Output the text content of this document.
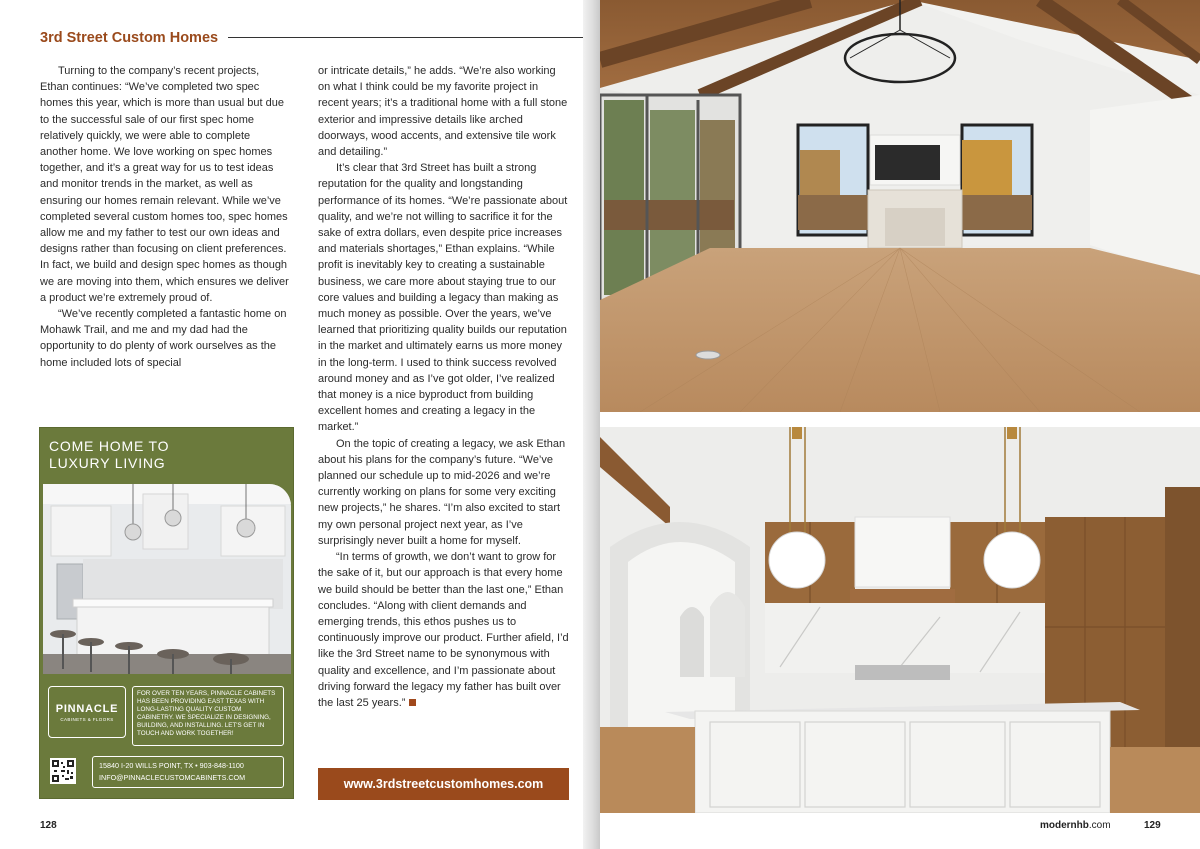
3rd Street Custom Homes

Turning to the company’s recent projects, Ethan continues: “We’ve completed two spec homes this year, which is more than usual but due to the successful sale of our first spec home relatively quickly, we were able to complete another home. We love working on spec homes together, and it’s a great way for us to test ideas and monitor trends in the market, as well as ensuring our homes remain relevant. While we’ve completed several custom homes too, spec homes allow me and my father to test our own ideas and designs rather than focusing on client preferences. In fact, we build and design spec homes as though we are moving into them, which ensures we deliver a product we’re extremely proud of.

“We’ve recently completed a fantastic home on Mohawk Trail, and me and my dad had the opportunity to do plenty of work ourselves as the home included lots of special

or intricate details,” he adds. “We’re also working on what I think could be my favorite project in recent years; it’s a traditional home with a full stone exterior and impressive details like arched doorways, wood accents, and extensive tile work and detailing.”

It’s clear that 3rd Street has built a strong reputation for the quality and longstanding performance of its homes. “We’re passionate about quality, and we’re not willing to sacrifice it for the sake of extra dollars, even despite price increases and materials shortages,” Ethan explains. “While profit is inevitably key to creating a sustainable business, we care more about staying true to our core values and building a legacy than making as much money as possible. Over the years, we’ve learned that prioritizing quality builds our reputation in the market and ultimately earns us more money in the long-term. I used to think success revolved around money and as I’ve got older, I’ve realized that money is a nice byproduct from building excellent homes and creating a legacy in the market.”

On the topic of creating a legacy, we ask Ethan about his plans for the company’s future. “We’ve planned our schedule up to mid-2026 and we’re currently working on plans for some very exciting new projects,” he shares. “I’m also excited to start my own personal project next year, as I’ve surprisingly never built a home for myself.

“In terms of growth, we don’t want to grow for the sake of it, but our approach is that every home we build should be better than the last one,” Ethan concludes. “Along with client demands and emerging trends, this ethos pushes us to continuously improve our product. Further afield, I’d like the 3rd Street name to be synonymous with quality and excellence, and I’m passionate about driving forward the legacy my father has built over the last 25 years.”

www.3rdstreetcustomhomes.com
COME HOME TO
LUXURY LIVING
PINNACLE
CABINETS & FLOORS
FOR OVER TEN YEARS, PINNACLE CABINETS HAS BEEN PROVIDING EAST TEXAS WITH LONG-LASTING QUALITY CUSTOM CABINETRY. WE SPECIALIZE IN DESIGNING, BUILDING, AND INSTALLING. LET'S GET IN TOUCH AND WORK TOGETHER!
15840 I-20 WILLS POINT, TX • 903-848-1100
INFO@PINNACLECUSTOMCABINETS.COM
128	modernhb.com	129
